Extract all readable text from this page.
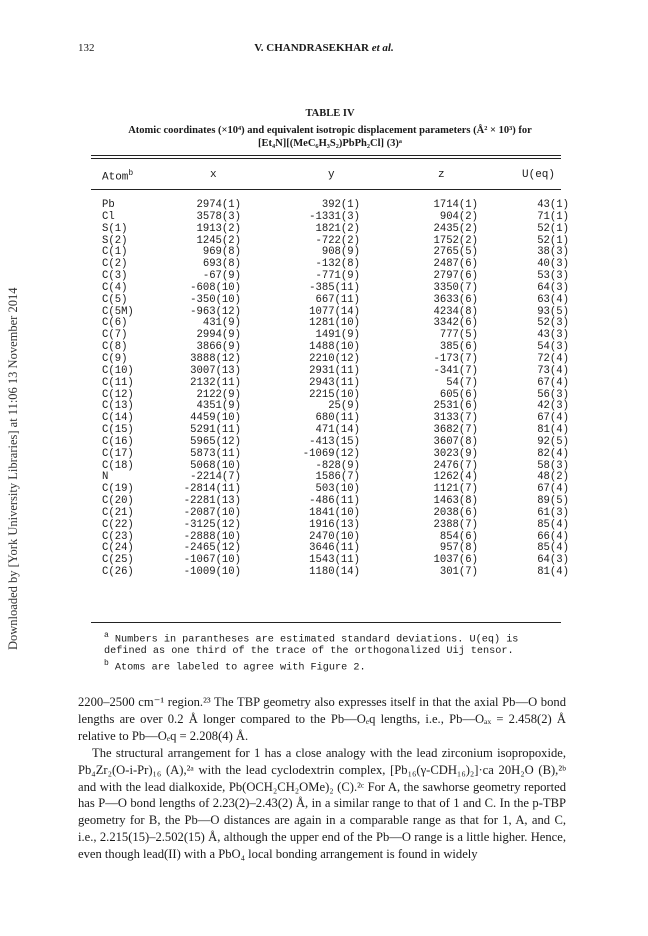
Downloaded by [York University Libraries] at 11:06 13 November 2014
132	V. CHANDRASEKHAR et al.
TABLE IV
Atomic coordinates (×10⁴) and equivalent isotropic displacement parameters (Å² × 10³) for
[Et₄N][(MeC₆H₃S₂)PbPh₂Cl] (3)ᵃ
Atom$^b$	x	y	z	U(eq)
Pb	2974(1)	392(1)	1714(1)	43(1)
Cl	3578(3)	-1331(3)	904(2)	71(1)
S(1)	1913(2)	1821(2)	2435(2)	52(1)
S(2)	1245(2)	-722(2)	1752(2)	52(1)
C(1)	969(8)	908(9)	2765(5)	38(3)
C(2)	693(8)	-132(8)	2487(6)	40(3)
C(3)	-67(9)	-771(9)	2797(6)	53(3)
C(4)	-608(10)	-385(11)	3350(7)	64(3)
C(5)	-350(10)	667(11)	3633(6)	63(4)
C(5M)	-963(12)	1077(14)	4234(8)	93(5)
C(6)	431(9)	1281(10)	3342(6)	52(3)
C(7)	2994(9)	1491(9)	777(5)	43(3)
C(8)	3866(9)	1488(10)	385(6)	54(3)
C(9)	3888(12)	2210(12)	-173(7)	72(4)
C(10)	3007(13)	2931(11)	-341(7)	73(4)
C(11)	2132(11)	2943(11)	54(7)	67(4)
C(12)	2122(9)	2215(10)	605(6)	56(3)
C(13)	4351(9)	25(9)	2531(6)	42(3)
C(14)	4459(10)	680(11)	3133(7)	67(4)
C(15)	5291(11)	471(14)	3682(7)	81(4)
C(16)	5965(12)	-413(15)	3607(8)	92(5)
C(17)	5873(11)	-1069(12)	3023(9)	82(4)
C(18)	5068(10)	-828(9)	2476(7)	58(3)
N	-2214(7)	1586(7)	1262(4)	48(2)
C(19)	-2814(11)	503(10)	1121(7)	67(4)
C(20)	-2281(13)	-486(11)	1463(8)	89(5)
C(21)	-2087(10)	1841(10)	2038(6)	61(3)
C(22)	-3125(12)	1916(13)	2388(7)	85(4)
C(23)	-2888(10)	2470(10)	854(6)	66(4)
C(24)	-2465(12)	3646(11)	957(8)	85(4)
C(25)	-1067(10)	1543(11)	1037(6)	64(3)
C(26)	-1009(10)	1180(14)	301(7)	81(4)

$^a$ Numbers in parantheses are estimated standard deviations. U(eq) is

defined as one third of the trace of the orthogonalized Uij tensor.

$^b$ Atoms are labeled to agree with Figure 2.

2200–2500 cm⁻¹ region.²³ The TBP geometry also expresses itself in that the axial Pb—O bond lengths are over 0.2 Å longer compared to the Pb—Oₑq lengths, i.e., Pb—Oₐₓ = 2.458(2) Å relative to Pb—Oₑq = 2.208(4) Å.

The structural arrangement for 1 has a close analogy with the lead zirconium isopropoxide, Pb₄Zr₂(O-i-Pr)₁₆ (A),²ᵃ with the lead cyclodextrin complex, [Pb₁₆(γ-CDH₁₆)₂]·ca 20H₂O (B),²ᵇ and with the lead dialkoxide, Pb(OCH₂CH₂OMe)₂ (C).²ᶜ For A, the sawhorse geometry reported has P—O bond lengths of 2.23(2)–2.43(2) Å, in a similar range to that of 1 and C. In the p-TBP geometry for B, the Pb—O distances are again in a comparable range as that for 1, A, and C, i.e., 2.215(15)–2.502(15) Å, although the upper end of the Pb—O range is a little higher. Hence, even though lead(II) with a PbO₄ local bonding arrangement is found in widely
